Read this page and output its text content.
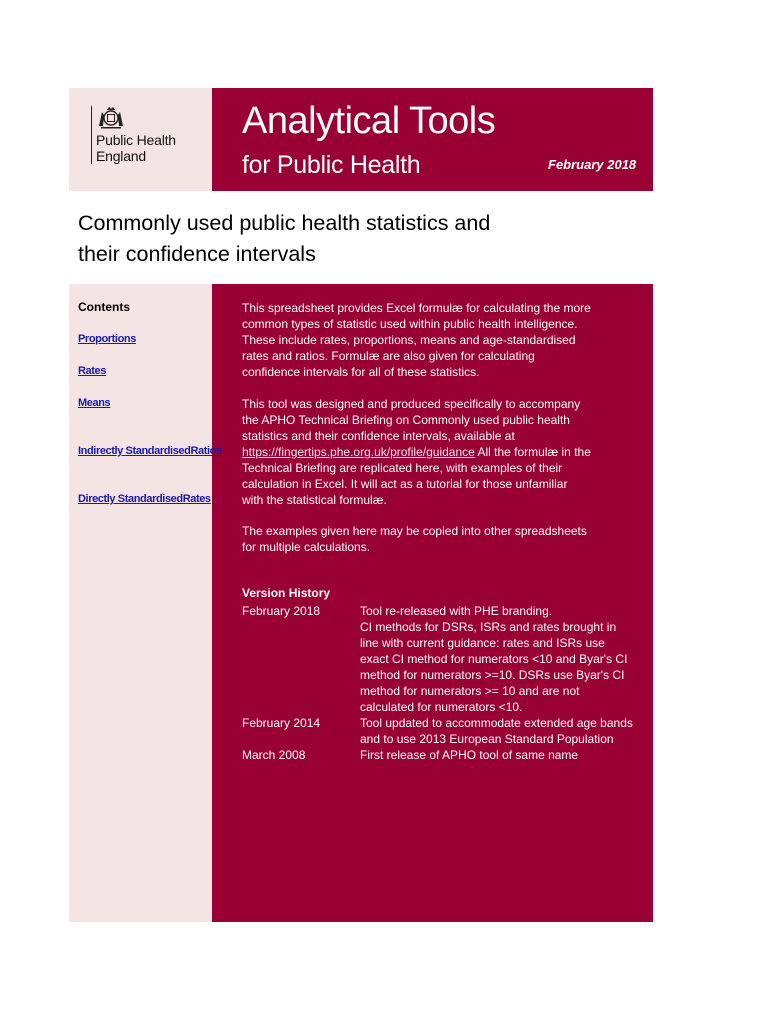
Public Health
England
Analytical Tools
for Public Health	February 2018
Commonly used public health statistics and
their confidence intervals
Contents
Proportions
Rates
Means
Indirectly StandardisedRatios
Directly StandardisedRates
This spreadsheet provides Excel formulæ for calculating the more
common types of statistic used within public health intelligence.
These include rates, proportions, means and age-standardised
rates and ratios. Formulæ are also given for calculating
confidence intervals for all of these statistics.
This tool was designed and produced specifically to accompany
the APHO Technical Briefing on Commonly used public health
statistics and their confidence intervals, available at
https://fingertips.phe.org.uk/profile/guidance All the formulæ in the
Technical Briefing are replicated here, with examples of their
calculation in Excel. It will act as a tutorial for those unfamiliar
with the statistical formulæ.
The examples given here may be copied into other spreadsheets
for multiple calculations.
Version History
February 2018	Tool re-released with PHE branding.
CI methods for DSRs, ISRs and rates brought in
line with current guidance: rates and ISRs use
exact CI method for numerators <10 and Byar's CI
method for numerators >=10. DSRs use Byar's CI
method for numerators >= 10 and are not
calculated for numerators <10.
February 2014	Tool updated to accommodate extended age bands
and to use 2013 European Standard Population
March 2008	First release of APHO tool of same name
